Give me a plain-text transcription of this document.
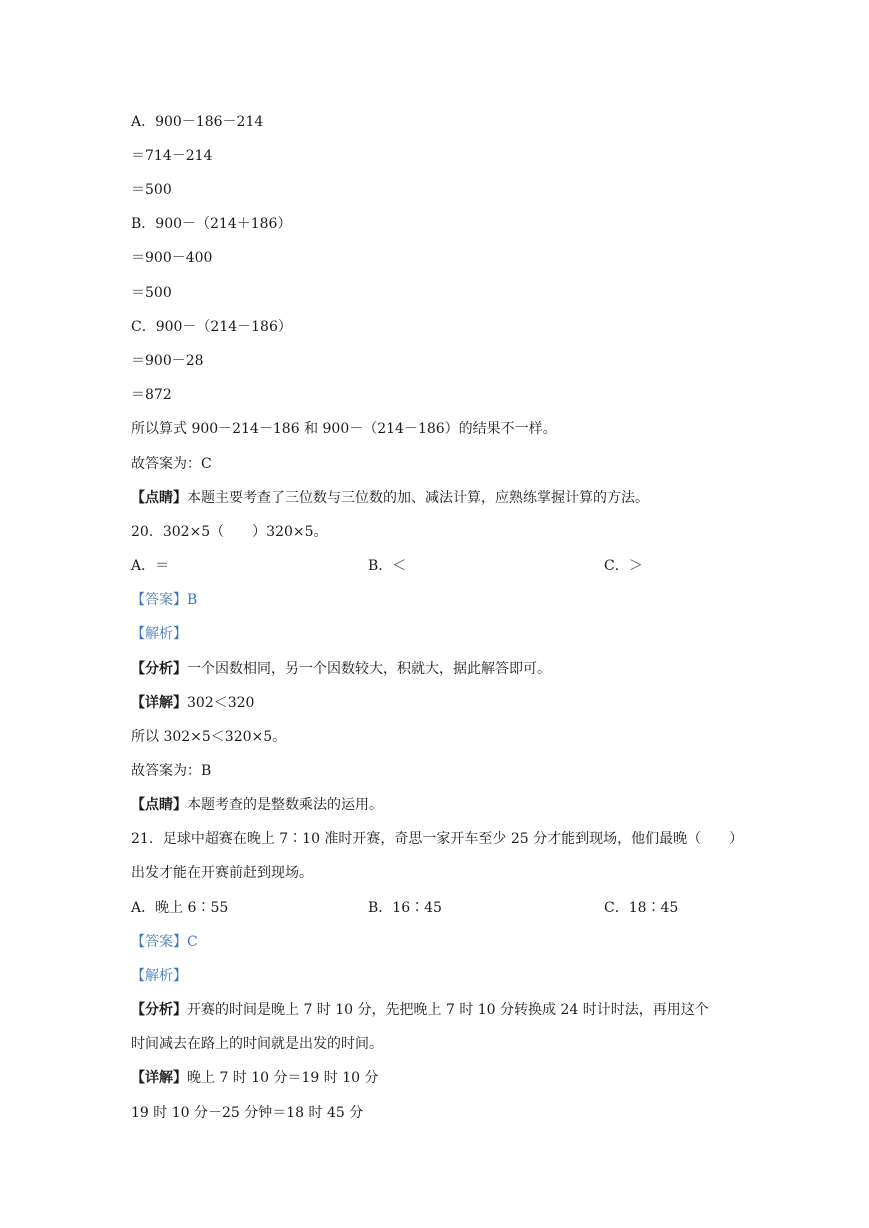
A．900－186－214
＝714－214
＝500
B．900－（214＋186）
＝900－400
＝500
C．900－（214－186）
＝900－28
＝872
所以算式 900－214－186 和 900－（214－186）的结果不一样。
故答案为：C
【点睛】本题主要考查了三位数与三位数的加、减法计算，应熟练掌握计算的方法。
20．302×5（　　）320×5。
A．＝	B．＜	C．＞
【答案】B
【解析】
【分析】一个因数相同，另一个因数较大，积就大，据此解答即可。
【详解】302＜320
所以 302×5＜320×5。
故答案为：B
【点睛】本题考查的是整数乘法的运用。
21．足球中超赛在晚上 7∶10 准时开赛，奇思一家开车至少 25 分才能到现场，他们最晚（　　）
出发才能在开赛前赶到现场。
A．晚上 6∶55	B．16∶45	C．18∶45
【答案】C
【解析】
【分析】开赛的时间是晚上 7 时 10 分，先把晚上 7 时 10 分转换成 24 时计时法，再用这个
时间减去在路上的时间就是出发的时间。
【详解】晚上 7 时 10 分＝19 时 10 分
19 时 10 分－25 分钟＝18 时 45 分
